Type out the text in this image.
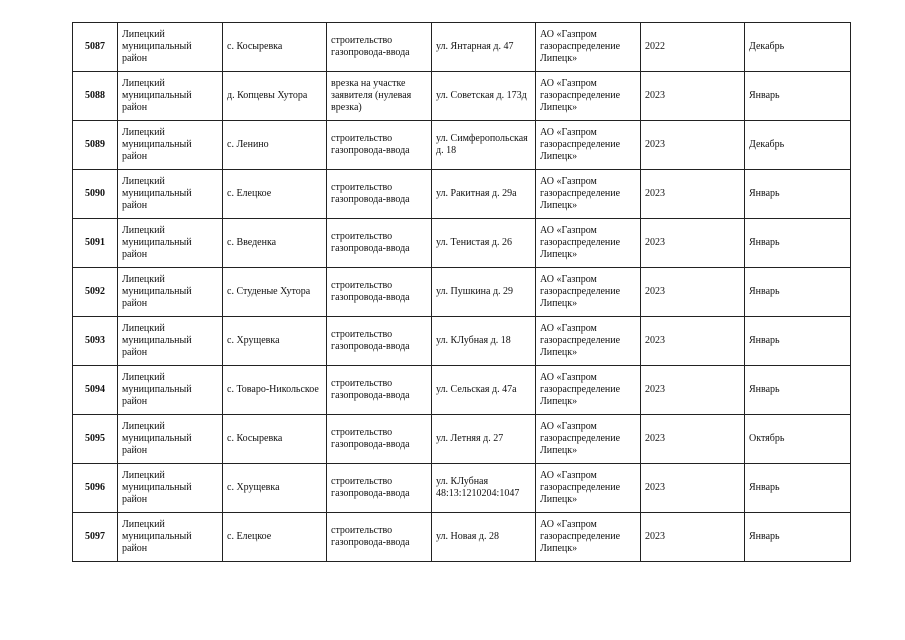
5087	Липецкий муниципальный район	с. Косыревка	строительство газопровода-ввода	ул. Янтарная д. 47	АО «Газпром газораспределение Липецк»	2022	Декабрь
5088	Липецкий муниципальный район	д. Копцевы Хутора	врезка на участке заявителя (нулевая врезка)	ул. Советская д. 173д	АО «Газпром газораспределение Липецк»	2023	Январь
5089	Липецкий муниципальный район	с. Ленино	строительство газопровода-ввода	ул. Симферопольская д. 18	АО «Газпром газораспределение Липецк»	2023	Декабрь
5090	Липецкий муниципальный район	с. Елецкое	строительство газопровода-ввода	ул. Ракитная д. 29а	АО «Газпром газораспределение Липецк»	2023	Январь
5091	Липецкий муниципальный район	с. Введенка	строительство газопровода-ввода	ул. Тенистая д. 26	АО «Газпром газораспределение Липецк»	2023	Январь
5092	Липецкий муниципальный район	с. Студеные Хутора	строительство газопровода-ввода	ул. Пушкина д. 29	АО «Газпром газораспределение Липецк»	2023	Январь
5093	Липецкий муниципальный район	с. Хрущевка	строительство газопровода-ввода	ул. КЛубная д. 18	АО «Газпром газораспределение Липецк»	2023	Январь
5094	Липецкий муниципальный район	с. Товаро-Никольское	строительство газопровода-ввода	ул. Сельская д. 47а	АО «Газпром газораспределение Липецк»	2023	Январь
5095	Липецкий муниципальный район	с. Косыревка	строительство газопровода-ввода	ул. Летняя д. 27	АО «Газпром газораспределение Липецк»	2023	Октябрь
5096	Липецкий муниципальный район	с. Хрущевка	строительство газопровода-ввода	ул. КЛубная 48:13:1210204:1047	АО «Газпром газораспределение Липецк»	2023	Январь
5097	Липецкий муниципальный район	с. Елецкое	строительство газопровода-ввода	ул. Новая д. 28	АО «Газпром газораспределение Липецк»	2023	Январь
